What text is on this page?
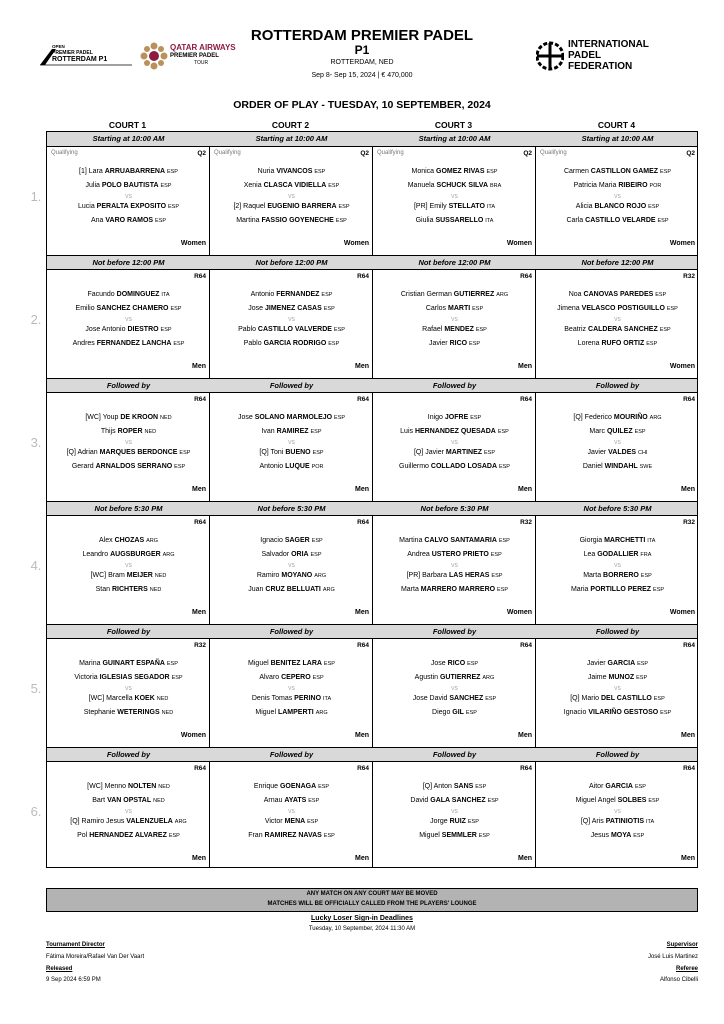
OPEN
PREMIER PADEL
ROTTERDAM P1
QATAR AIRWAYS
PREMIER PADEL
TOUR
INTERNATIONAL
PADEL
FEDERATION
ROTTERDAM PREMIER PADEL
P1
ROTTERDAM, NED
Sep 8- Sep 15, 2024 | € 470,000
ORDER OF PLAY - TUESDAY, 10 SEPTEMBER, 2024
COURT 1	COURT 2	COURT 3	COURT 4
Starting at 10:00 AM	Starting at 10:00 AM	Starting at 10:00 AM	Starting at 10:00 AM
Qualifying	Q2
[1] Lara ARRUABARRENA ESP
Julia POLO BAUTISTA ESP
Lucia PERALTA EXPOSITO ESP
Ana VARO RAMOS ESP
VS
Women
Qualifying	Q2
Nuria VIVANCOS ESP
Xenia CLASCA VIDIELLA ESP
[2] Raquel EUGENIO BARRERA ESP
Martina FASSIO GOYENECHE ESP
VS
Women
Qualifying	Q2
Monica GOMEZ RIVAS ESP
Manuela SCHUCK SILVA BRA
[PR] Emily STELLATO ITA
Giulia SUSSARELLO ITA
VS
Women
Qualifying	Q2
Carmen CASTILLON GAMEZ ESP
Patricia Maria RIBEIRO POR
Alicia BLANCO ROJO ESP
Carla CASTILLO VELARDE ESP
VS
Women
Not before 12:00 PM	Not before 12:00 PM	Not before 12:00 PM	Not before 12:00 PM
R64
Facundo DOMINGUEZ ITA
Emilio SANCHEZ CHAMERO ESP
Jose Antonio DIESTRO ESP
Andres FERNANDEZ LANCHA ESP
VS
Men
R64
Antonio FERNANDEZ ESP
Jose JIMENEZ CASAS ESP
Pablo CASTILLO VALVERDE ESP
Pablo GARCIA RODRIGO ESP
VS
Men
R64
Cristian German GUTIERREZ ARG
Carlos MARTI ESP
Rafael MENDEZ ESP
Javier RICO ESP
VS
Men
R32
Noa CANOVAS PAREDES ESP
Jimena VELASCO POSTIGUILLO ESP
Beatriz CALDERA SANCHEZ ESP
Lorena RUFO ORTIZ ESP
VS
Women
Followed by	Followed by	Followed by	Followed by
R64
[WC] Youp DE KROON NED
Thijs ROPER NED
[Q] Adrian MARQUES BERDONCE ESP
Gerard ARNALDOS SERRANO ESP
VS
Men
R64
Jose SOLANO MARMOLEJO ESP
Ivan RAMIREZ ESP
[Q] Toni BUENO ESP
Antonio LUQUE POR
VS
Men
R64
Inigo JOFRE ESP
Luis HERNANDEZ QUESADA ESP
[Q] Javier MARTINEZ ESP
Guillermo COLLADO LOSADA ESP
VS
Men
R64
[Q] Federico MOURIÑO ARG
Marc QUILEZ ESP
Javier VALDES CHI
Daniel WINDAHL SWE
VS
Men
Not before 5:30 PM	Not before 5:30 PM	Not before 5:30 PM	Not before 5:30 PM
R64
Alex CHOZAS ARG
Leandro AUGSBURGER ARG
[WC] Bram MEIJER NED
Stan RICHTERS NED
VS
Men
R64
Ignacio SAGER ESP
Salvador ORIA ESP
Ramiro MOYANO ARG
Juan CRUZ BELLUATI ARG
VS
Men
R32
Martina CALVO SANTAMARIA ESP
Andrea USTERO PRIETO ESP
[PR] Barbara LAS HERAS ESP
Marta MARRERO MARRERO ESP
VS
Women
R32
Giorgia MARCHETTI ITA
Lea GODALLIER FRA
Marta BORRERO ESP
Maria PORTILLO PEREZ ESP
VS
Women
Followed by	Followed by	Followed by	Followed by
R32
Marina GUINART ESPAÑA ESP
Victoria IGLESIAS SEGADOR ESP
[WC] Marcella KOEK NED
Stephanie WETERINGS NED
VS
Women
R64
Miguel BENITEZ LARA ESP
Alvaro CEPERO ESP
Denis Tomas PERINO ITA
Miguel LAMPERTI ARG
VS
Men
R64
Jose RICO ESP
Agustin GUTIERREZ ARG
Jose David SANCHEZ ESP
Diego GIL ESP
VS
Men
R64
Javier GARCIA ESP
Jaime MUNOZ ESP
[Q] Mario DEL CASTILLO ESP
Ignacio VILARIÑO GESTOSO ESP
VS
Men
Followed by	Followed by	Followed by	Followed by
R64
[WC] Menno NOLTEN NED
Bart VAN OPSTAL NED
[Q] Ramiro Jesus VALENZUELA ARG
Pol HERNANDEZ ALVAREZ ESP
VS
Men
R64
Enrique GOENAGA ESP
Arnau AYATS ESP
Victor MENA ESP
Fran RAMIREZ NAVAS ESP
VS
Men
R64
[Q] Anton SANS ESP
David GALA SANCHEZ ESP
Jorge RUIZ ESP
Miguel SEMMLER ESP
VS
Men
R64
Aitor GARCIA ESP
Miguel Angel SOLBES ESP
[Q] Aris PATINIOTIS ITA
Jesus MOYA ESP
VS
Men
1.
2.
3.
4.
5.
6.
ANY MATCH ON ANY COURT MAY BE MOVED
MATCHES WILL BE OFFICIALLY CALLED FROM THE PLAYERS' LOUNGE
Lucky Loser Sign-in Deadlines
Tuesday, 10 September, 2024 11:30 AM
Tournament Director
Fátima Moreira/Rafael Van Der Vaart
Released
9 Sep 2024 6:59 PM
Supervisor
José Luis Martinez
Referee
Alfonso Cibelli
